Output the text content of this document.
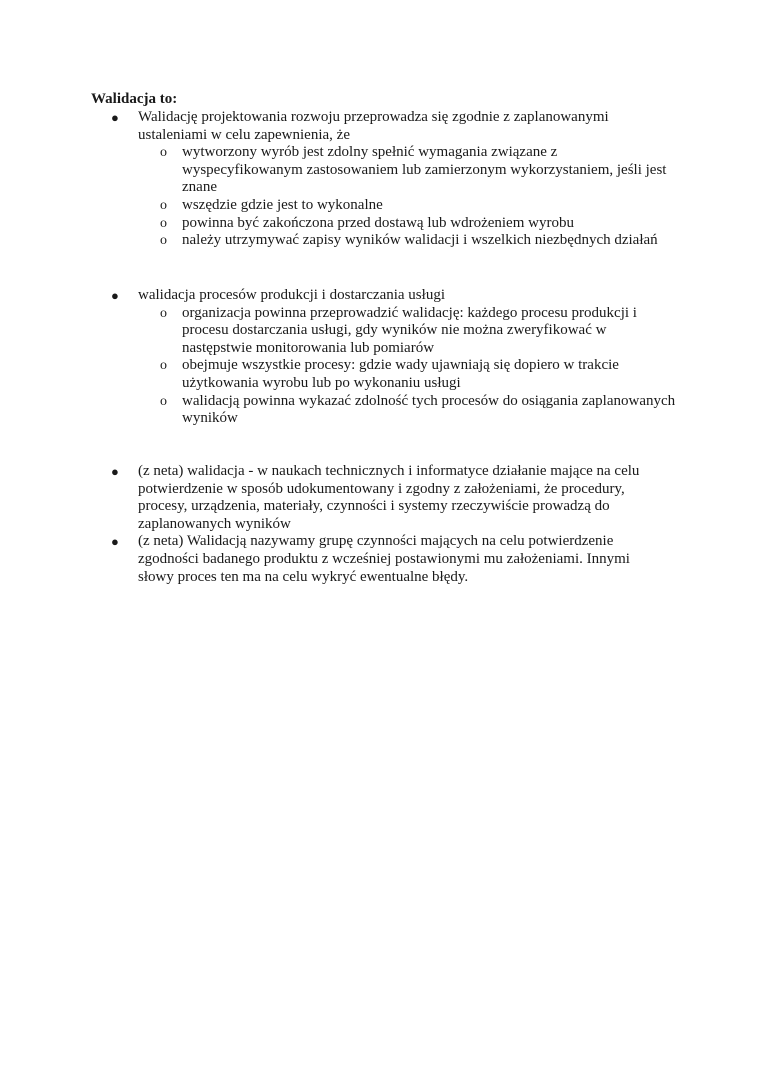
Walidacja to:
● Walidację projektowania rozwoju przeprowadza się zgodnie z zaplanowanymi ustaleniami w celu zapewnienia, że
o wytworzony wyrób jest zdolny spełnić wymagania związane z wyspecyfikowanym zastosowaniem lub zamierzonym wykorzystaniem, jeśli jest znane
o wszędzie gdzie jest to wykonalne
o powinna być zakończona przed dostawą lub wdrożeniem wyrobu
o należy utrzymywać zapisy wyników walidacji i wszelkich niezbędnych działań
● walidacja procesów produkcji i dostarczania usługi
o organizacja powinna przeprowadzić walidację: każdego procesu produkcji i procesu dostarczania usługi, gdy wyników nie można zweryfikować w następstwie monitorowania lub pomiarów
o obejmuje wszystkie procesy: gdzie wady ujawniają się dopiero w trakcie użytkowania wyrobu lub po wykonaniu usługi
o walidacją powinna wykazać zdolność tych procesów do osiągania zaplanowanych wyników
● (z neta) walidacja - w naukach technicznych i informatyce działanie mające na celu potwierdzenie w sposób udokumentowany i zgodny z założeniami, że procedury, procesy, urządzenia, materiały, czynności i systemy rzeczywiście prowadzą do zaplanowanych wyników
● (z neta) Walidacją nazywamy grupę czynności mających na celu potwierdzenie zgodności badanego produktu z wcześniej postawionymi mu założeniami. Innymi słowy proces ten ma na celu wykryć ewentualne błędy.
